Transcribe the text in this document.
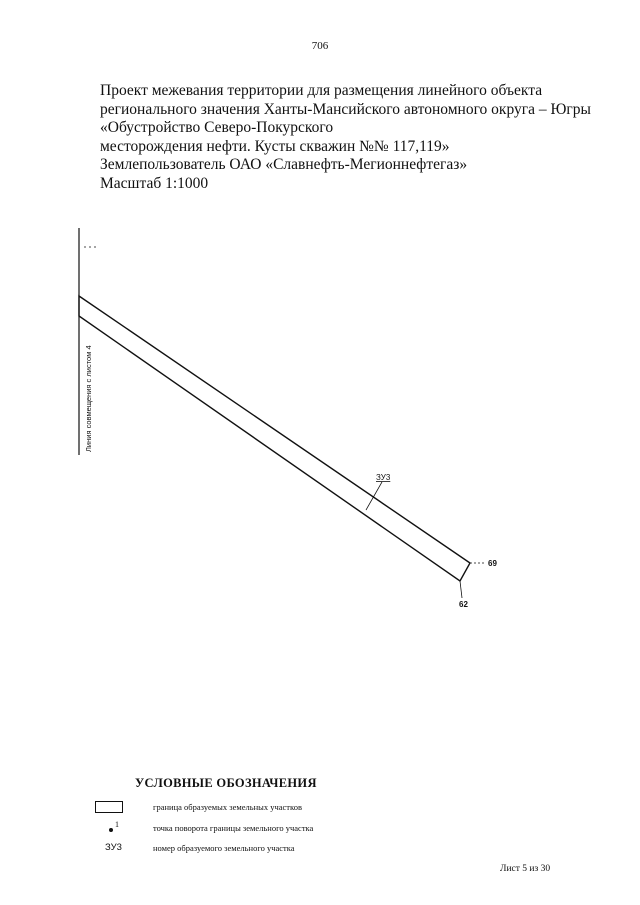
706
Проект межевания территории для размещения линейного объекта
регионального значения Ханты-Мансийского автономного округа – Югры
«Обустройство Северо-Покурского
месторождения нефти. Кусты скважин №№ 117,119»
Землепользователь ОАО «Славнефть-Мегионнефтегаз»
Масштаб 1:1000
Линия совмещения с листом 4
ЗУ3
69
62
УСЛОВНЫЕ ОБОЗНАЧЕНИЯ
граница образуемых земельных участков
1	точка поворота границы земельного участка
ЗУ3	номер образуемого земельного участка
Лист 5 из 30
